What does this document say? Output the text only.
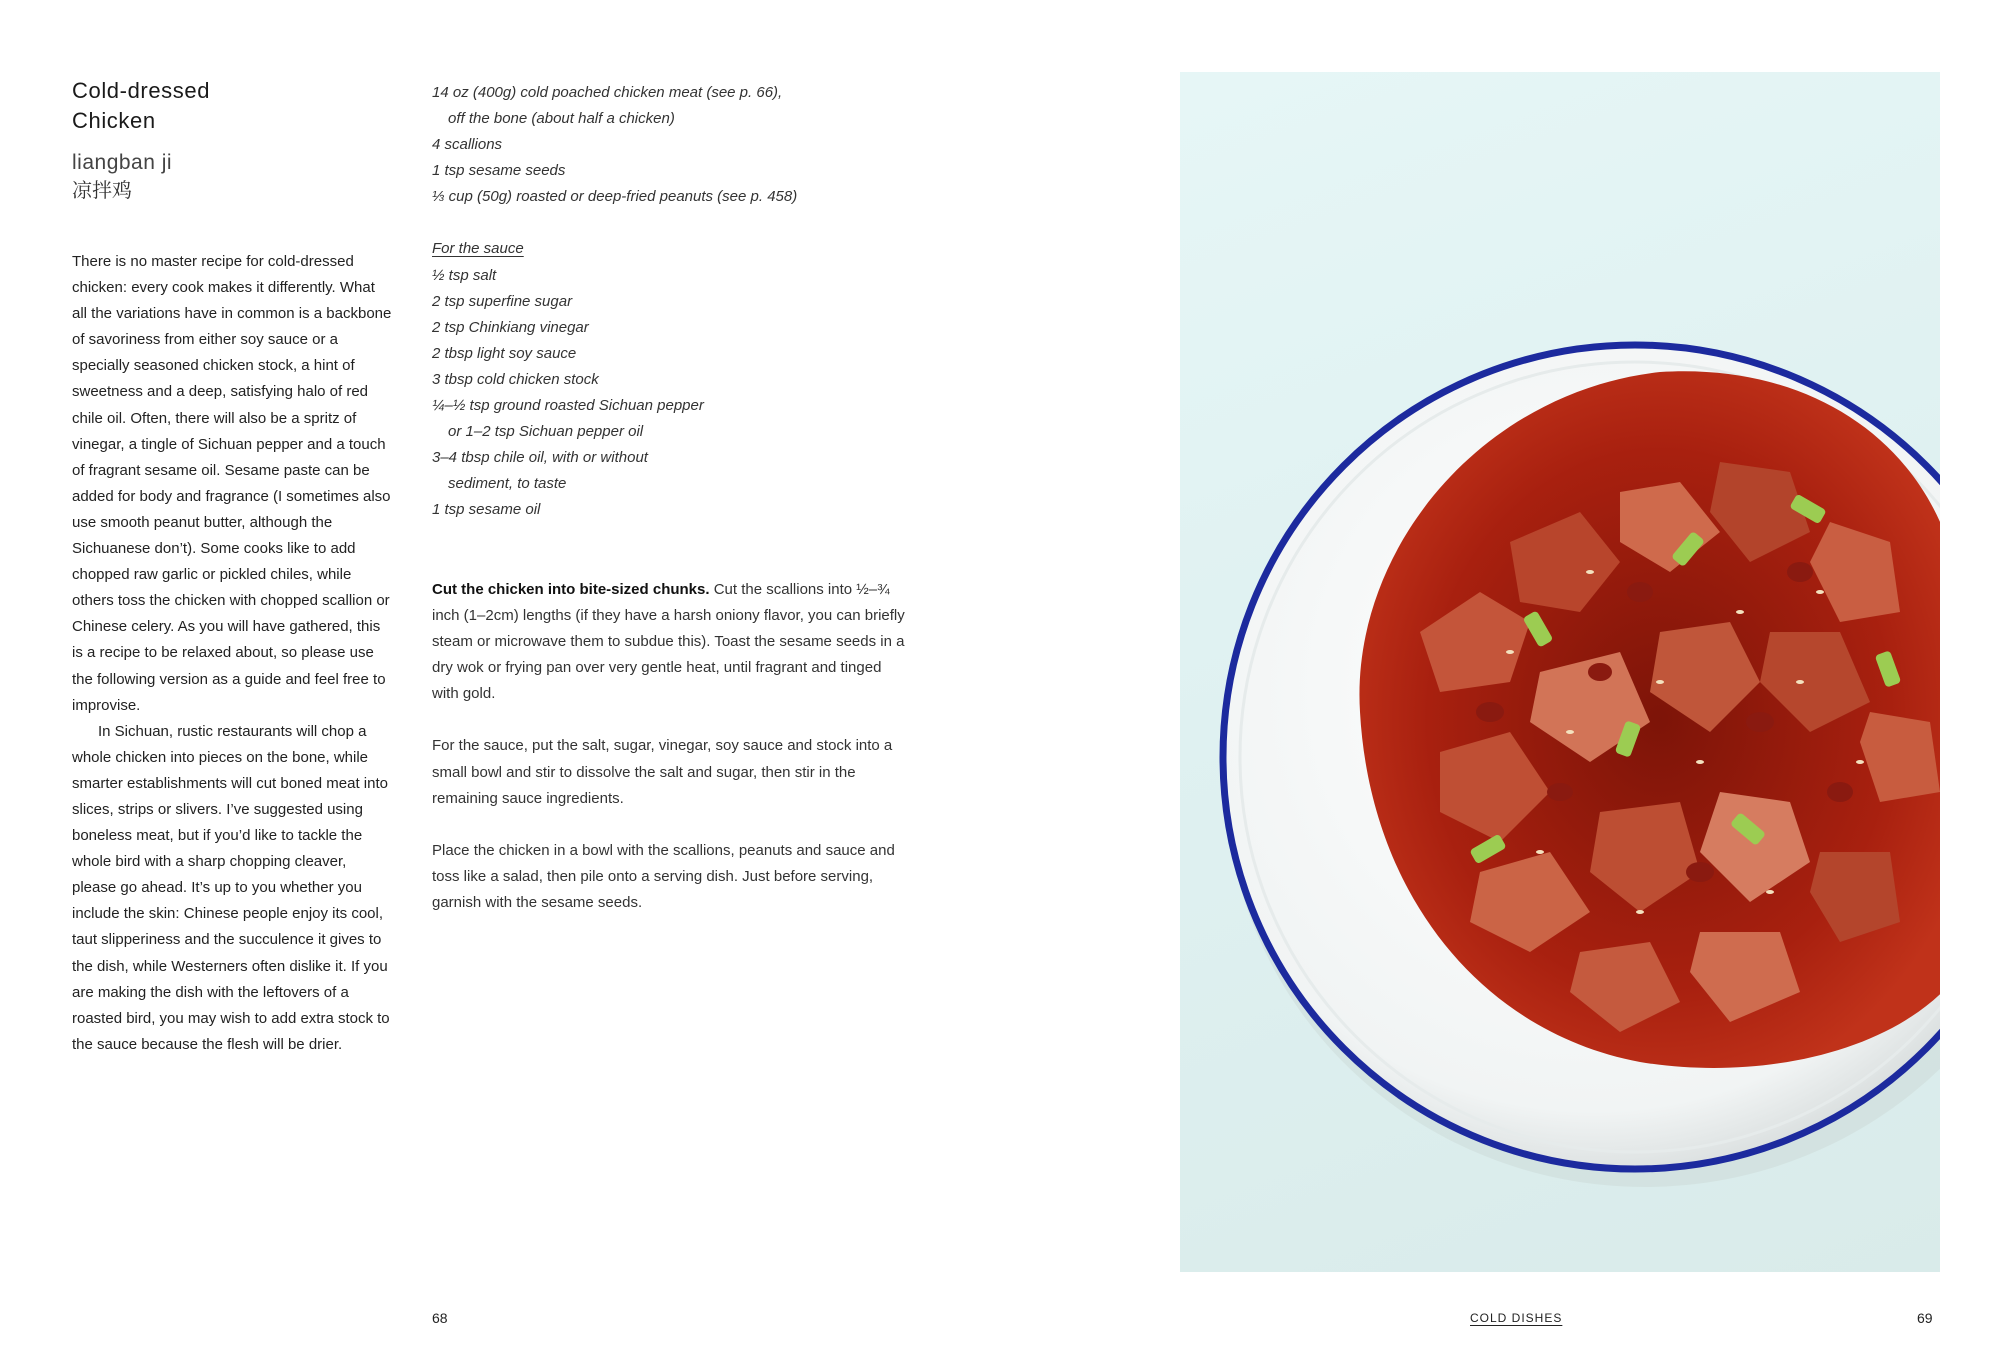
Cold-dressed
Chicken
liangban ji
凉拌鸡

There is no master recipe for cold-dressed chicken: every cook makes it differently. What all the variations have in common is a backbone of savoriness from either soy sauce or a specially seasoned chicken stock, a hint of sweetness and a deep, satisfying halo of red chile oil. Often, there will also be a spritz of vinegar, a tingle of Sichuan pepper and a touch of fragrant sesame oil. Sesame paste can be added for body and fragrance (I sometimes also use smooth peanut butter, although the Sichuanese don’t). Some cooks like to add chopped raw garlic or pickled chiles, while others toss the chicken with chopped scallion or Chinese celery. As you will have gathered, this is a recipe to be relaxed about, so please use the following version as a guide and feel free to improvise.

In Sichuan, rustic restaurants will chop a whole chicken into pieces on the bone, while smarter establishments will cut boned meat into slices, strips or slivers. I’ve suggested using boneless meat, but if you’d like to tackle the whole bird with a sharp chopping cleaver, please go ahead. It’s up to you whether you include the skin: Chinese people enjoy its cool, taut slipperiness and the succulence it gives to the dish, while Westerners often dislike it. If you are making the dish with the leftovers of a roasted bird, you may wish to add extra stock to the sauce because the flesh will be drier.

14 oz (400g) cold poached chicken meat (see p. 66),

off the bone (about half a chicken)

4 scallions

1 tsp sesame seeds

⅓ cup (50g) roasted or deep-fried peanuts (see p. 458)

For the sauce

½ tsp salt

2 tsp superfine sugar

2 tsp Chinkiang vinegar

2 tbsp light soy sauce

3 tbsp cold chicken stock

¼–½ tsp ground roasted Sichuan pepper

or 1–2 tsp Sichuan pepper oil

3–4 tbsp chile oil, with or without

sediment, to taste

1 tsp sesame oil

Cut the chicken into bite-sized chunks. Cut the scallions into ½–¾ inch (1–2cm) lengths (if they have a harsh oniony flavor, you can briefly steam or microwave them to subdue this). Toast the sesame seeds in a dry wok or frying pan over very gentle heat, until fragrant and tinged with gold.

For the sauce, put the salt, sugar, vinegar, soy sauce and stock into a small bowl and stir to dissolve the salt and sugar, then stir in the remaining sauce ingredients.

Place the chicken in a bowl with the scallions, peanuts and sauce and toss like a salad, then pile onto a serving dish. Just before serving, garnish with the sesame seeds.

68	COLD DISHES	69
